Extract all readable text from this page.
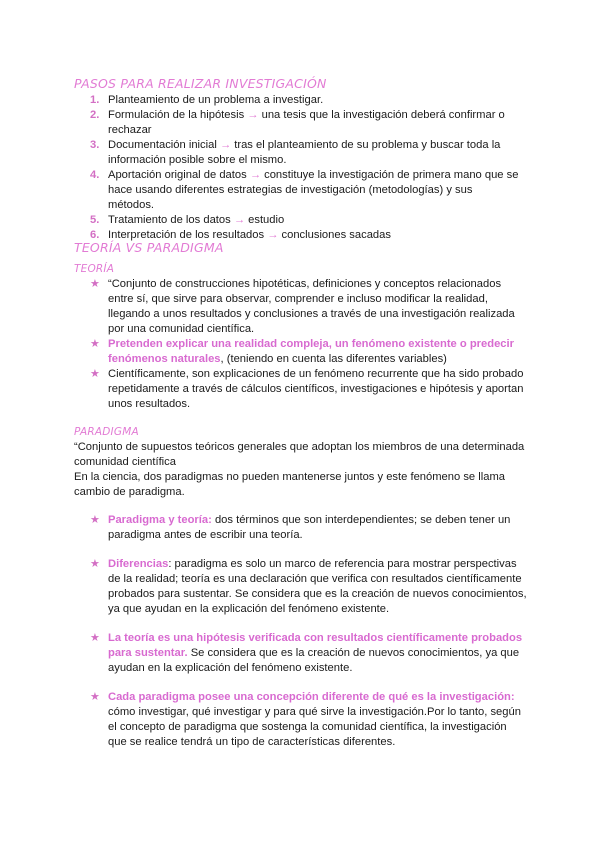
PASOS PARA REALIZAR INVESTIGACIÓN
1. Planteamiento de un problema a investigar.
2. Formulación de la hipótesis → una tesis que la investigación deberá confirmar o rechazar
3. Documentación inicial → tras el planteamiento de su problema y buscar toda la información posible sobre el mismo.
4. Aportación original de datos → constituye la investigación de primera mano que se hace usando diferentes estrategias de investigación (metodologías) y sus métodos.
5. Tratamiento de los datos → estudio
6. Interpretación de los resultados → conclusiones sacadas
TEORÍA VS PARADIGMA
TEORÍA
★ “Conjunto de construcciones hipotéticas, definiciones y conceptos relacionados entre sí, que sirve para observar, comprender e incluso modificar la realidad, llegando a unos resultados y conclusiones a través de una investigación realizada por una comunidad científica.
★ Pretenden explicar una realidad compleja, un fenómeno existente o predecir fenómenos naturales, (teniendo en cuenta las diferentes variables)
★ Científicamente, son explicaciones de un fenómeno recurrente que ha sido probado repetidamente a través de cálculos científicos, investigaciones e hipótesis y aportan unos resultados.
PARADIGMA
“Conjunto de supuestos teóricos generales que adoptan los miembros de una determinada comunidad científica
En la ciencia, dos paradigmas no pueden mantenerse juntos y este fenómeno se llama cambio de paradigma.
★ Paradigma y teoría: dos términos que son interdependientes; se deben tener un paradigma antes de escribir una teoría.
★ Diferencias: paradigma es solo un marco de referencia para mostrar perspectivas de la realidad; teoría es una declaración que verifica con resultados científicamente probados para sustentar. Se considera que es la creación de nuevos conocimientos, ya que ayudan en la explicación del fenómeno existente.
★ La teoría es una hipótesis verificada con resultados científicamente probados para sustentar. Se considera que es la creación de nuevos conocimientos, ya que ayudan en la explicación del fenómeno existente.
★ Cada paradigma posee una concepción diferente de qué es la investigación: cómo investigar, qué investigar y para qué sirve la investigación.Por lo tanto, según el concepto de paradigma que sostenga la comunidad científica, la investigación que se realice tendrá un tipo de características diferentes.
